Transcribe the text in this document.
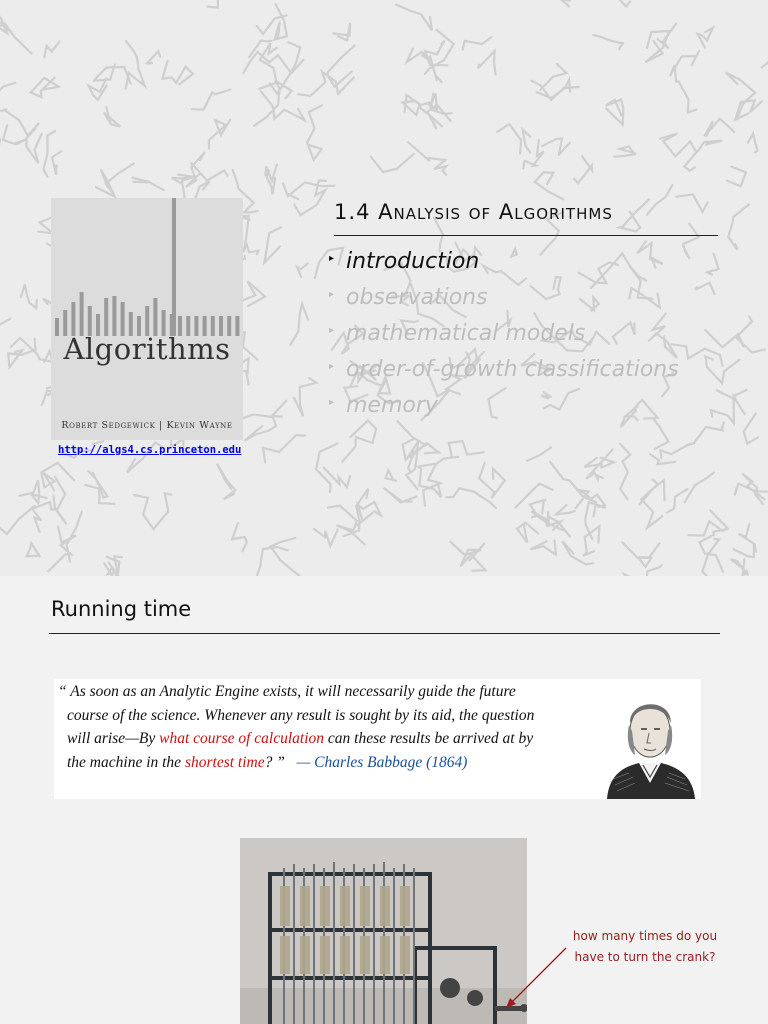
Algorithms
Robert Sedgewick | Kevin Wayne
http://algs4.cs.princeton.edu
1.4 ANALYSIS OF ALGORITHMS
▸ introduction
▸ observations
▸ mathematical models
▸ order-of-growth classifications
▸ memory
Running time
“ As soon as an Analytic Engine exists, it will necessarily guide the future
course of the science. Whenever any result is sought by its aid, the question
will arise—By what course of calculation can these results be arrived at by
the machine in the shortest time? ” — Charles Babbage (1864)
how many times do you
have to turn the crank?
